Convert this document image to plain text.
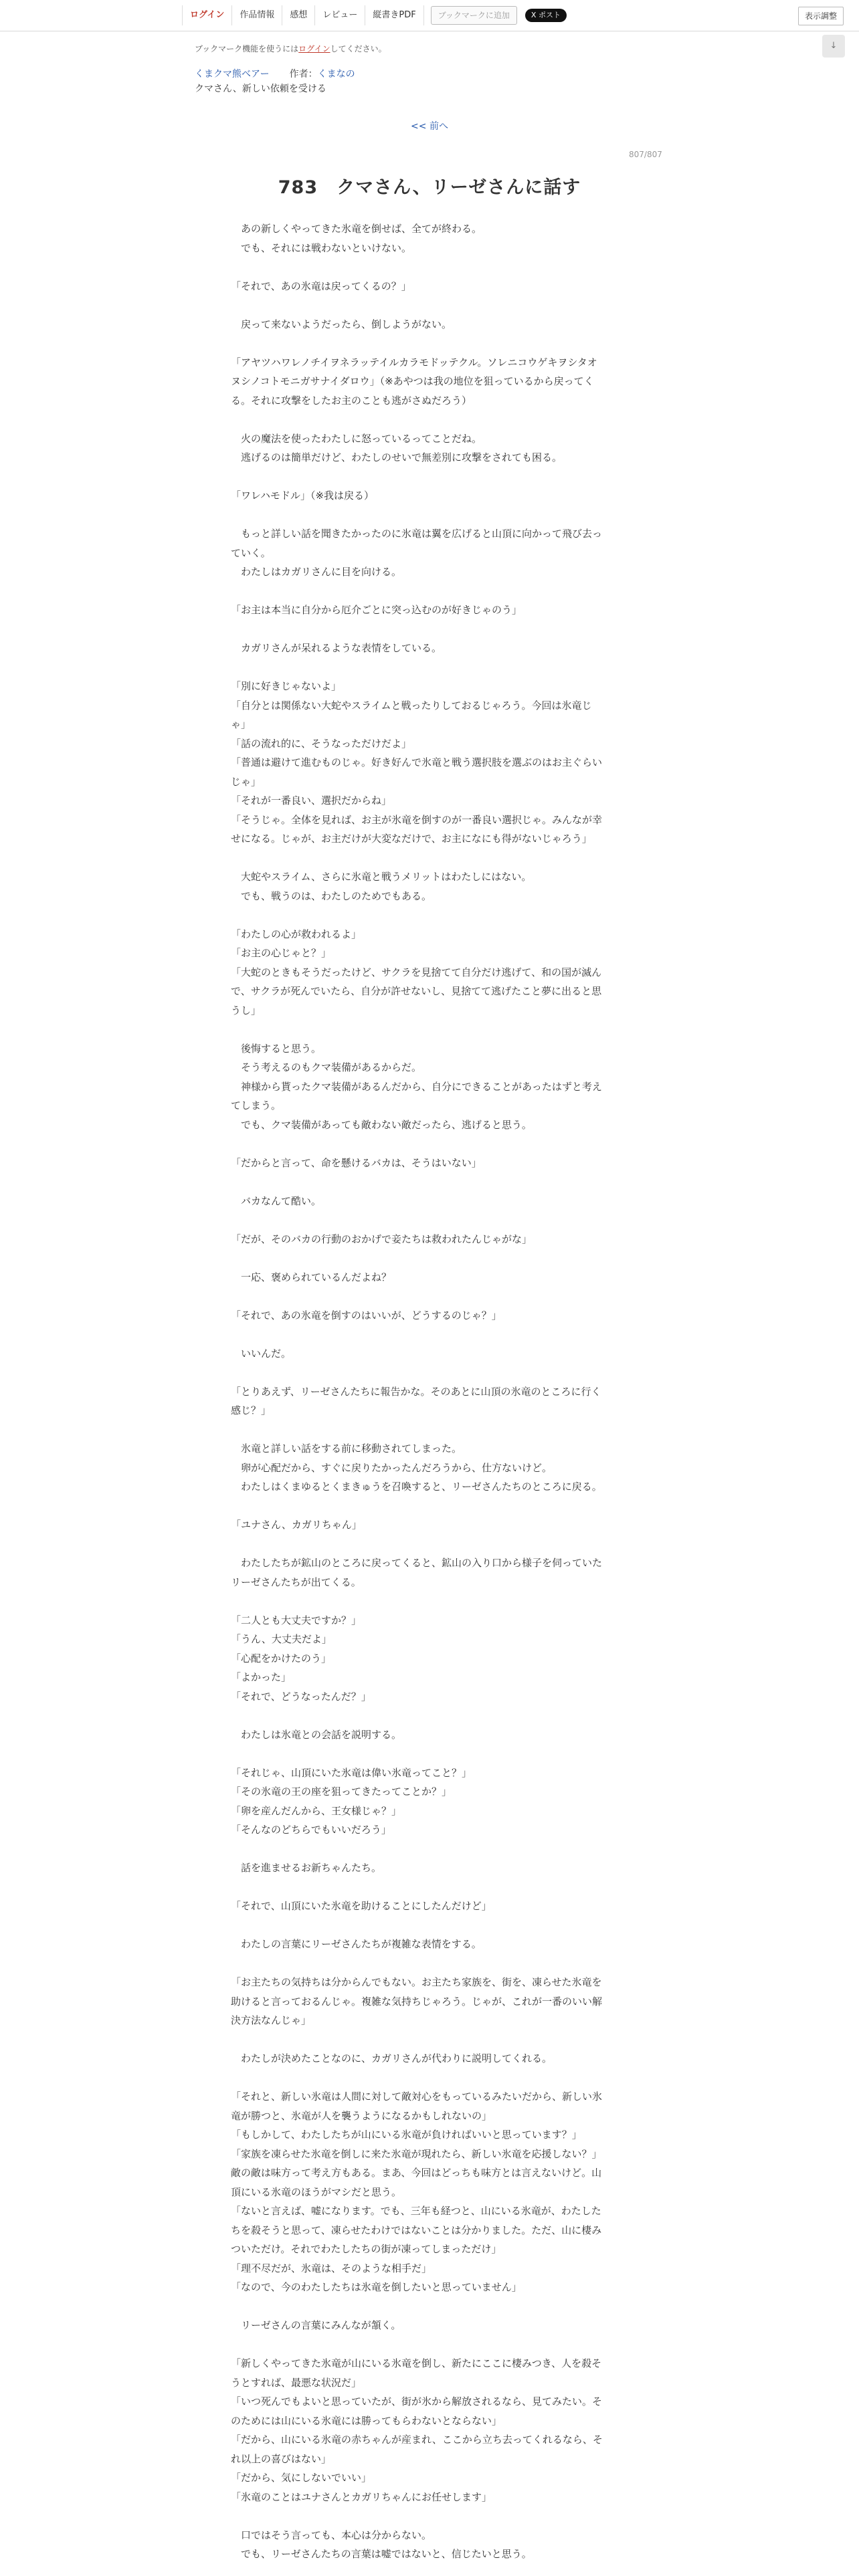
ログイン	作品情報	感想	レビュー	縦書きPDF	ブックマークに追加	X ポスト	表示調整
↓
ブックマーク機能を使うにはログインしてください。
くまクマ熊ベアー 作者：くまなの
クマさん、新しい依頼を受ける
<< 前へ
807/807
783　クマさん、リーゼさんに話す

　あの新しくやってきた氷竜を倒せば、全てが終わる。

　でも、それには戦わないといけない。

「それで、あの氷竜は戻ってくるの？」

　戻って来ないようだったら、倒しようがない。

「アヤツハワレノチイヲネラッテイルカラモドッテクル。ソレニコウゲキヲシタオ

ヌシノコトモニガサナイダロウ」（※あやつは我の地位を狙っているから戻ってく

る。それに攻撃をしたお主のことも逃がさぬだろう）

　火の魔法を使ったわたしに怒っているってことだね。

　逃げるのは簡単だけど、わたしのせいで無差別に攻撃をされても困る。

「ワレハモドル」（※我は戻る）

　もっと詳しい話を聞きたかったのに氷竜は翼を広げると山頂に向かって飛び去っ

ていく。

　わたしはカガリさんに目を向ける。

「お主は本当に自分から厄介ごとに突っ込むのが好きじゃのう」

　カガリさんが呆れるような表情をしている。

「別に好きじゃないよ」

「自分とは関係ない大蛇やスライムと戦ったりしておるじゃろう。今回は氷竜じ

ゃ」

「話の流れ的に、そうなっただけだよ」

「普通は避けて進むものじゃ。好き好んで氷竜と戦う選択肢を選ぶのはお主ぐらい

じゃ」

「それが一番良い、選択だからね」

「そうじゃ。全体を見れば、お主が氷竜を倒すのが一番良い選択じゃ。みんなが幸

せになる。じゃが、お主だけが大変なだけで、お主になにも得がないじゃろう」

　大蛇やスライム、さらに氷竜と戦うメリットはわたしにはない。

　でも、戦うのは、わたしのためでもある。

「わたしの心が救われるよ」

「お主の心じゃと？」

「大蛇のときもそうだったけど、サクラを見捨てて自分だけ逃げて、和の国が滅ん

で、サクラが死んでいたら、自分が許せないし、見捨てて逃げたこと夢に出ると思

うし」

　後悔すると思う。

　そう考えるのもクマ装備があるからだ。

　神様から貰ったクマ装備があるんだから、自分にできることがあったはずと考え

てしまう。

　でも、クマ装備があっても敵わない敵だったら、逃げると思う。

「だからと言って、命を懸けるバカは、そうはいない」

　バカなんて酷い。

「だが、そのバカの行動のおかげで妾たちは救われたんじゃがな」

　一応、褒められているんだよね？

「それで、あの氷竜を倒すのはいいが、どうするのじゃ？」

　いいんだ。

「とりあえず、リーゼさんたちに報告かな。そのあとに山頂の氷竜のところに行く

感じ？」

　氷竜と詳しい話をする前に移動されてしまった。

　卵が心配だから、すぐに戻りたかったんだろうから、仕方ないけど。

　わたしはくまゆるとくまきゅうを召喚すると、リーゼさんたちのところに戻る。

「ユナさん、カガリちゃん」

　わたしたちが鉱山のところに戻ってくると、鉱山の入り口から様子を伺っていた

リーゼさんたちが出てくる。

「二人とも大丈夫ですか？」

「うん、大丈夫だよ」

「心配をかけたのう」

「よかった」

「それで、どうなったんだ？」

　わたしは氷竜との会話を説明する。

「それじゃ、山頂にいた氷竜は偉い氷竜ってこと？」

「その氷竜の王の座を狙ってきたってことか？」

「卵を産んだんから、王女様じゃ？」

「そんなのどちらでもいいだろう」

　話を進ませるお新ちゃんたち。

「それで、山頂にいた氷竜を助けることにしたんだけど」

　わたしの言葉にリーゼさんたちが複雑な表情をする。

「お主たちの気持ちは分からんでもない。お主たち家族を、街を、凍らせた氷竜を

助けると言っておるんじゃ。複雑な気持ちじゃろう。じゃが、これが一番のいい解

決方法なんじゃ」

　わたしが決めたことなのに、カガリさんが代わりに説明してくれる。

「それと、新しい氷竜は人間に対して敵対心をもっているみたいだから、新しい氷

竜が勝つと、氷竜が人を襲うようになるかもしれないの」

「もしかして、わたしたちが山にいる氷竜が負ければいいと思っています？」

「家族を凍らせた氷竜を倒しに来た氷竜が現れたら、新しい氷竜を応援しない？」

敵の敵は味方って考え方もある。まあ、今回はどっちも味方とは言えないけど。山

頂にいる氷竜のほうがマシだと思う。

「ないと言えば、嘘になります。でも、三年も経つと、山にいる氷竜が、わたした

ちを殺そうと思って、凍らせたわけではないことは分かりました。ただ、山に棲み

ついただけ。それでわたしたちの街が凍ってしまっただけ」

「理不尽だが、氷竜は、そのような相手だ」

「なので、今のわたしたちは氷竜を倒したいと思っていません」

　リーゼさんの言葉にみんなが頷く。

「新しくやってきた氷竜が山にいる氷竜を倒し、新たにここに棲みつき、人を殺そ

うとすれば、最悪な状況だ」

「いつ死んでもよいと思っていたが、街が氷から解放されるなら、見てみたい。そ

のためには山にいる氷竜には勝ってもらわないとならない」

「だから、山にいる氷竜の赤ちゃんが産まれ、ここから立ち去ってくれるなら、そ

れ以上の喜びはない」

「だから、気にしないでいい」

「氷竜のことはユナさんとカガリちゃんにお任せします」

　口ではそう言っても、本心は分からない。

　でも、リーゼさんたちの言葉は嘘ではないと、信じたいと思う。
